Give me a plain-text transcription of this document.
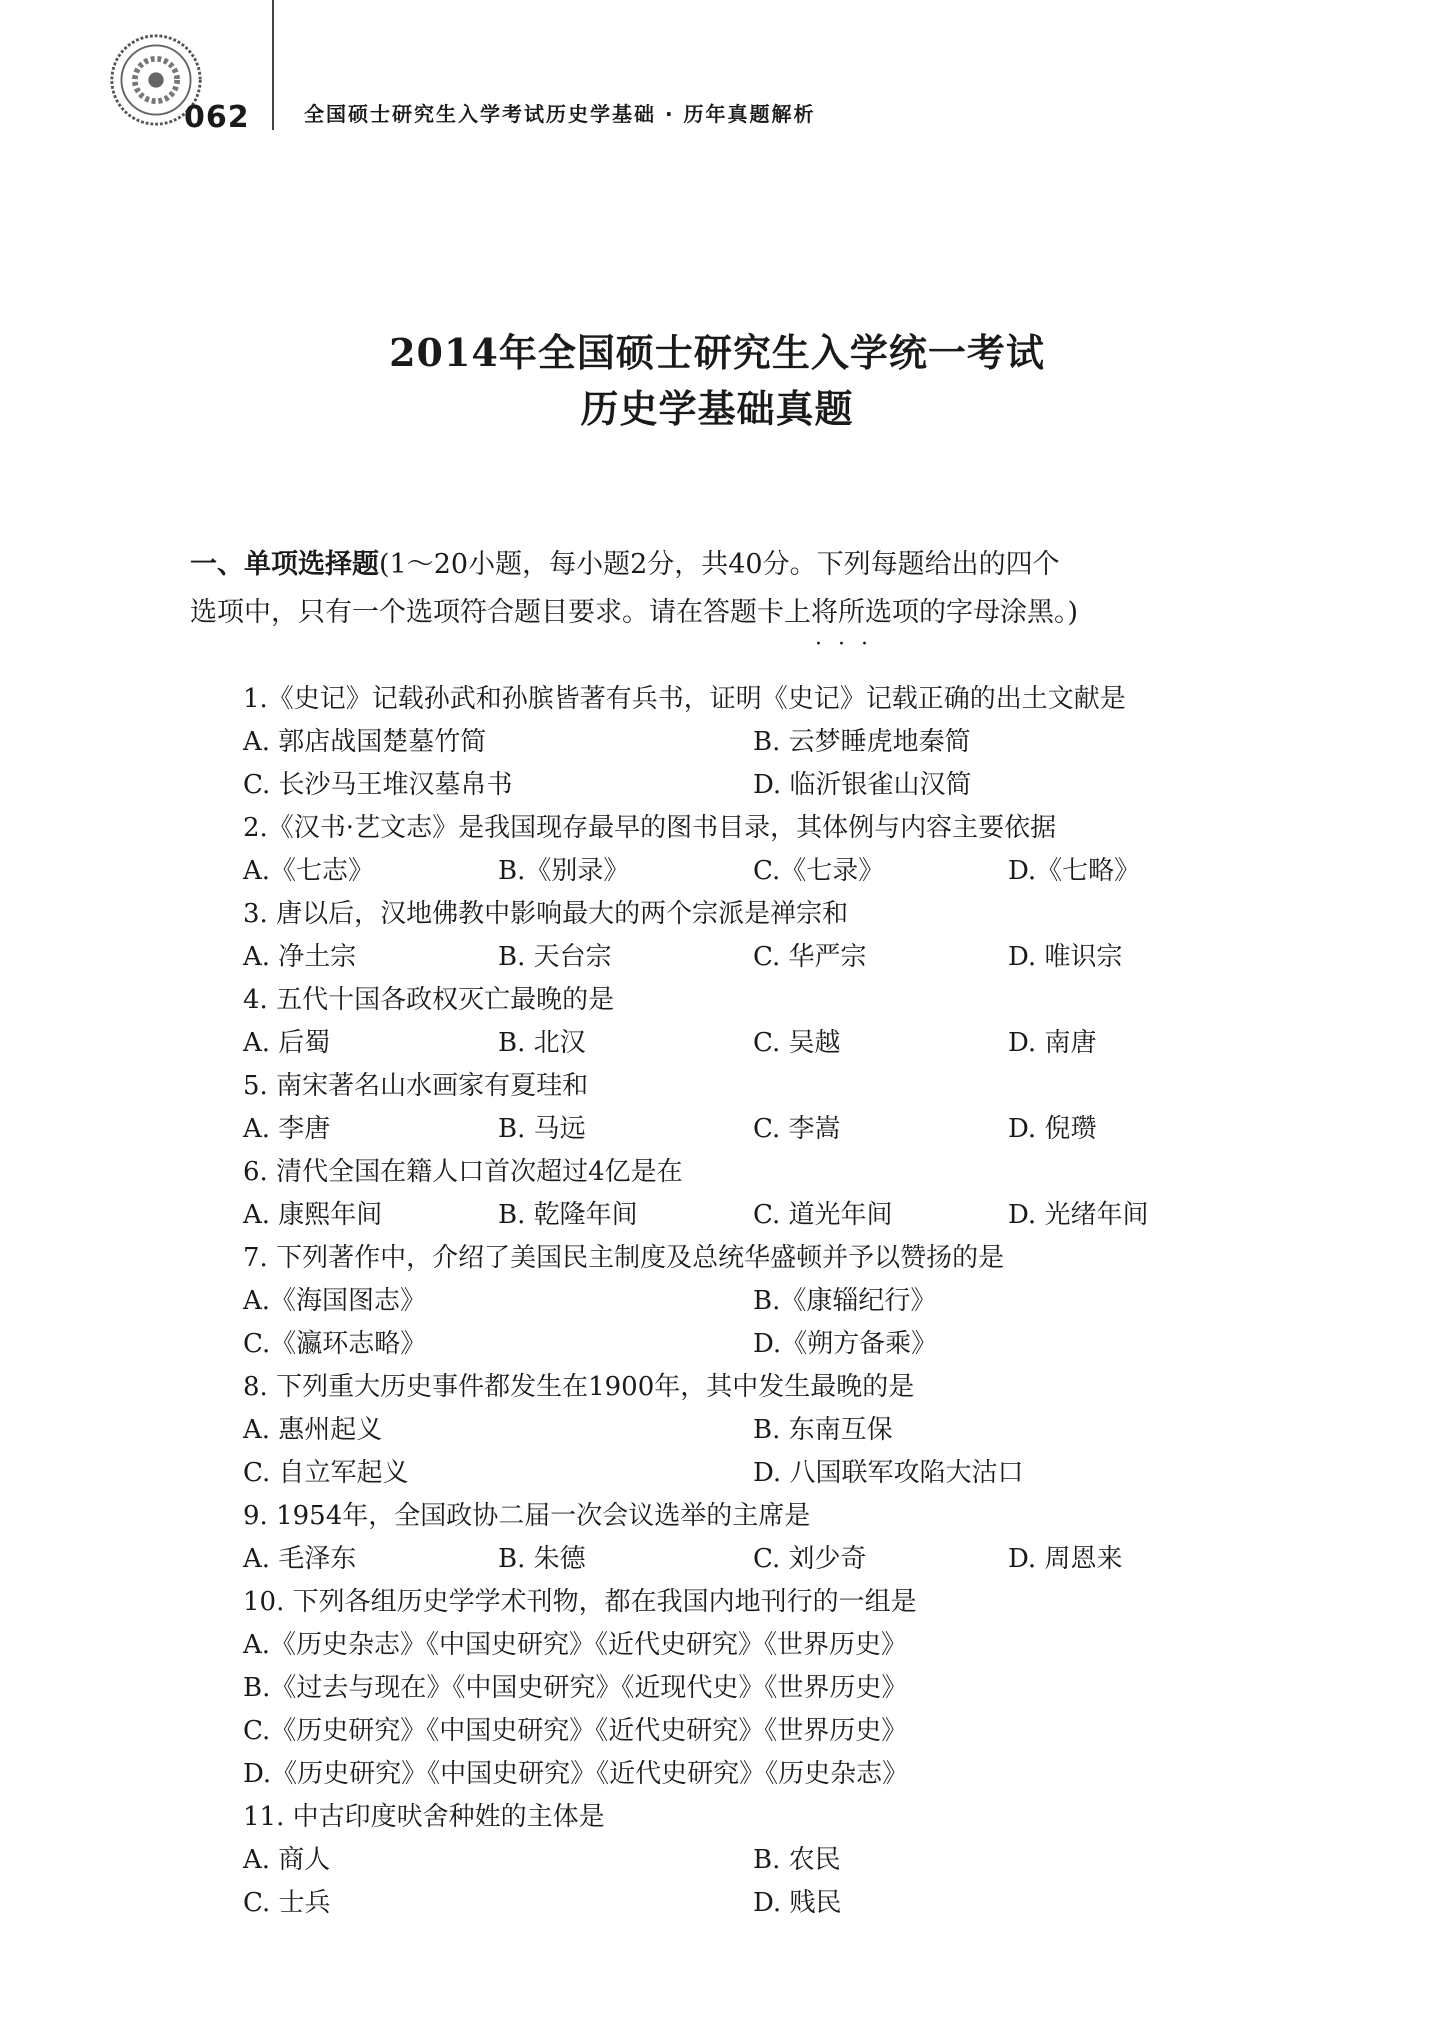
062	全国硕士研究生入学考试历史学基础 · 历年真题解析
2014年全国硕士研究生入学统一考试
历史学基础真题
一、单项选择题(1～20小题，每小题2分，共40分。下列每题给出的四个
选项中，只有一个选项符合题目要求。请在答题卡上将所选项的字母涂黑。)
···
1.《史记》记载孙武和孙膑皆著有兵书，证明《史记》记载正确的出土文献是
A. 郭店战国楚墓竹简	B. 云梦睡虎地秦简
C. 长沙马王堆汉墓帛书	D. 临沂银雀山汉简
2.《汉书·艺文志》是我国现存最早的图书目录，其体例与内容主要依据
A.《七志》	B.《别录》	C.《七录》	D.《七略》
3. 唐以后，汉地佛教中影响最大的两个宗派是禅宗和
A. 净土宗	B. 天台宗	C. 华严宗	D. 唯识宗
4. 五代十国各政权灭亡最晚的是
A. 后蜀	B. 北汉	C. 吴越	D. 南唐
5. 南宋著名山水画家有夏珪和
A. 李唐	B. 马远	C. 李嵩	D. 倪瓒
6. 清代全国在籍人口首次超过4亿是在
A. 康熙年间	B. 乾隆年间	C. 道光年间	D. 光绪年间
7. 下列著作中，介绍了美国民主制度及总统华盛顿并予以赞扬的是
A.《海国图志》	B.《康辎纪行》
C.《瀛环志略》	D.《朔方备乘》
8. 下列重大历史事件都发生在1900年，其中发生最晚的是
A. 惠州起义	B. 东南互保
C. 自立军起义	D. 八国联军攻陷大沽口
9. 1954年，全国政协二届一次会议选举的主席是
A. 毛泽东	B. 朱德	C. 刘少奇	D. 周恩来
10. 下列各组历史学学术刊物，都在我国内地刊行的一组是
A.《历史杂志》《中国史研究》《近代史研究》《世界历史》
B.《过去与现在》《中国史研究》《近现代史》《世界历史》
C.《历史研究》《中国史研究》《近代史研究》《世界历史》
D.《历史研究》《中国史研究》《近代史研究》《历史杂志》
11. 中古印度吠舍种姓的主体是
A. 商人	B. 农民
C. 士兵	D. 贱民
